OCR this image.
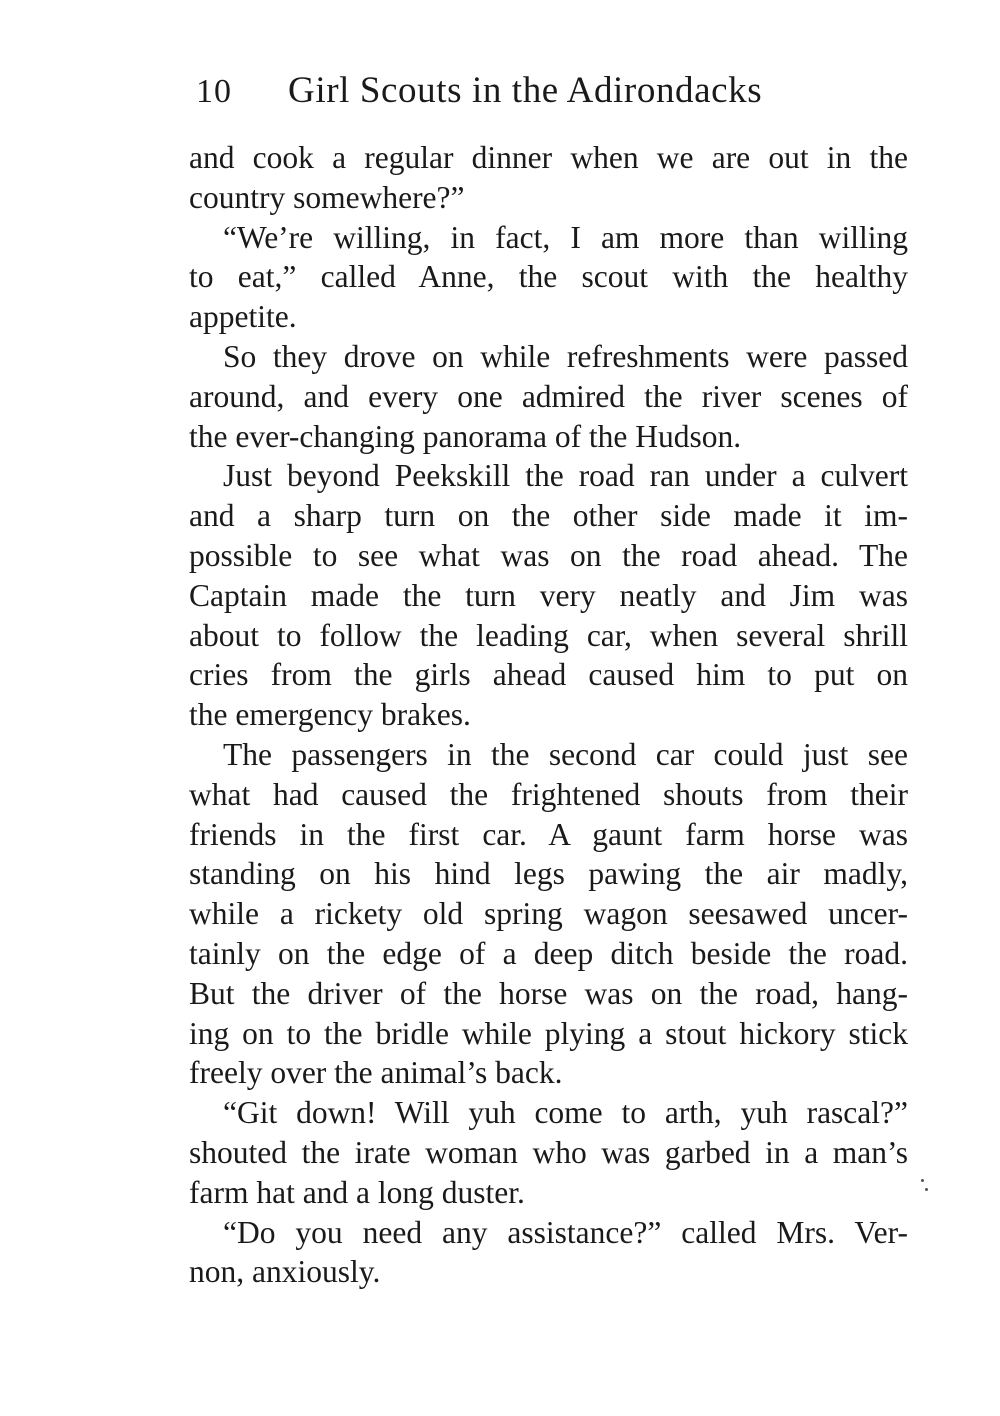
10 Girl Scouts in the Adirondacks
and cook a regular dinner when we are out in the
country somewhere?”
“We’re willing, in fact, I am more than willing
to eat,” called Anne, the scout with the healthy
appetite.
So they drove on while refreshments were passed
around, and every one admired the river scenes of
the ever-changing panorama of the Hudson.
Just beyond Peekskill the road ran under a culvert
and a sharp turn on the other side made it im-
possible to see what was on the road ahead. The
Captain made the turn very neatly and Jim was
about to follow the leading car, when several shrill
cries from the girls ahead caused him to put on
the emergency brakes.
The passengers in the second car could just see
what had caused the frightened shouts from their
friends in the first car. A gaunt farm horse was
standing on his hind legs pawing the air madly,
while a rickety old spring wagon seesawed uncer-
tainly on the edge of a deep ditch beside the road.
But the driver of the horse was on the road, hang-
ing on to the bridle while plying a stout hickory stick
freely over the animal’s back.
“Git down! Will yuh come to arth, yuh rascal?”
shouted the irate woman who was garbed in a man’s
farm hat and a long duster.
“Do you need any assistance?” called Mrs. Ver-
non, anxiously.
